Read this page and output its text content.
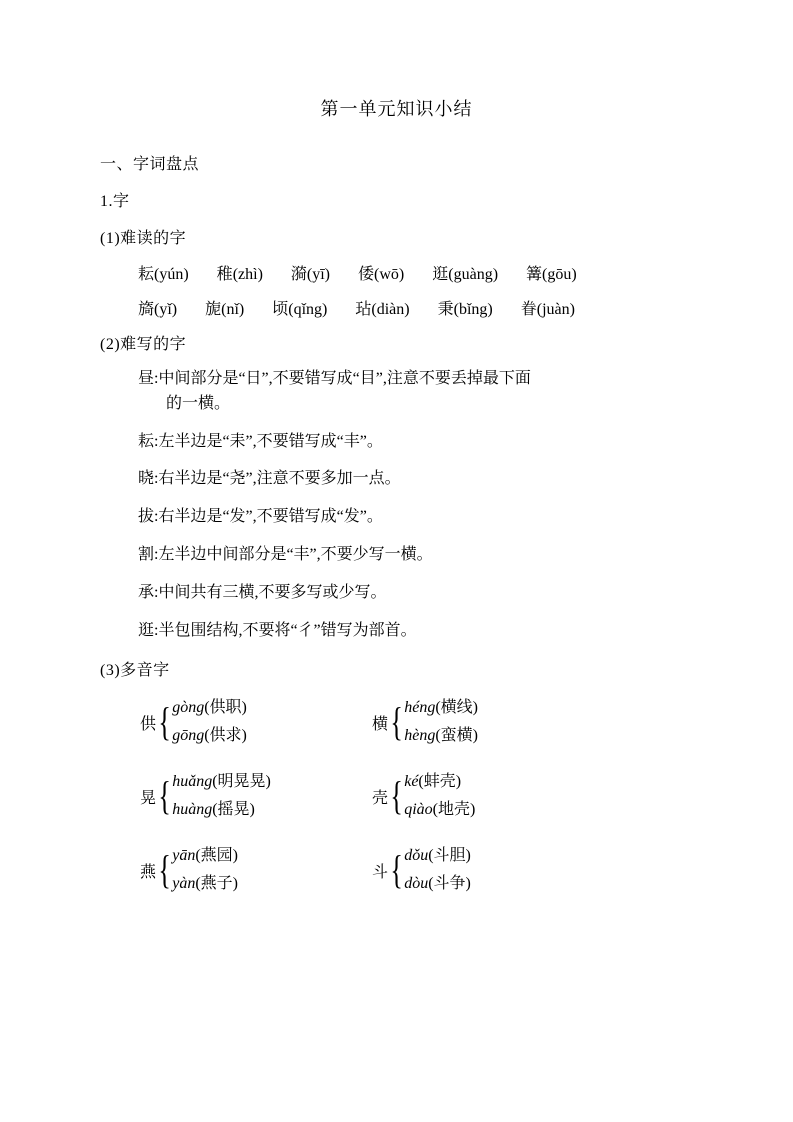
第一单元知识小结
一、字词盘点
1.字
(1)难读的字
耘(yún) 稚(zhì) 漪(yī) 倭(wō) 逛(guàng) 篝(gōu)
旖(yǐ) 旎(nǐ) 顷(qǐng) 玷(diàn) 秉(bǐng) 眷(juàn)
(2)难写的字
昼:中间部分是“日”,不要错写成“目”,注意不要丢掉最下面
的一横。
耘:左半边是“耒”,不要错写成“丰”。
晓:右半边是“尧”,注意不要多加一点。
拔:右半边是“发”,不要错写成“发”。
割:左半边中间部分是“丰”,不要少写一横。
承:中间共有三横,不要多写或少写。
逛:半包围结构,不要将“彳”错写为部首。
(3)多音字
供 { gòng(供职)
gōng(供求)
横 { héng(横线)
hèng(蛮横)
晃 { huǎng(明晃晃)
huàng(摇晃)
壳 { ké(蚌壳)
qiào(地壳)
燕 { yān(燕园)
yàn(燕子)
斗 { dǒu(斗胆)
dòu(斗争)
